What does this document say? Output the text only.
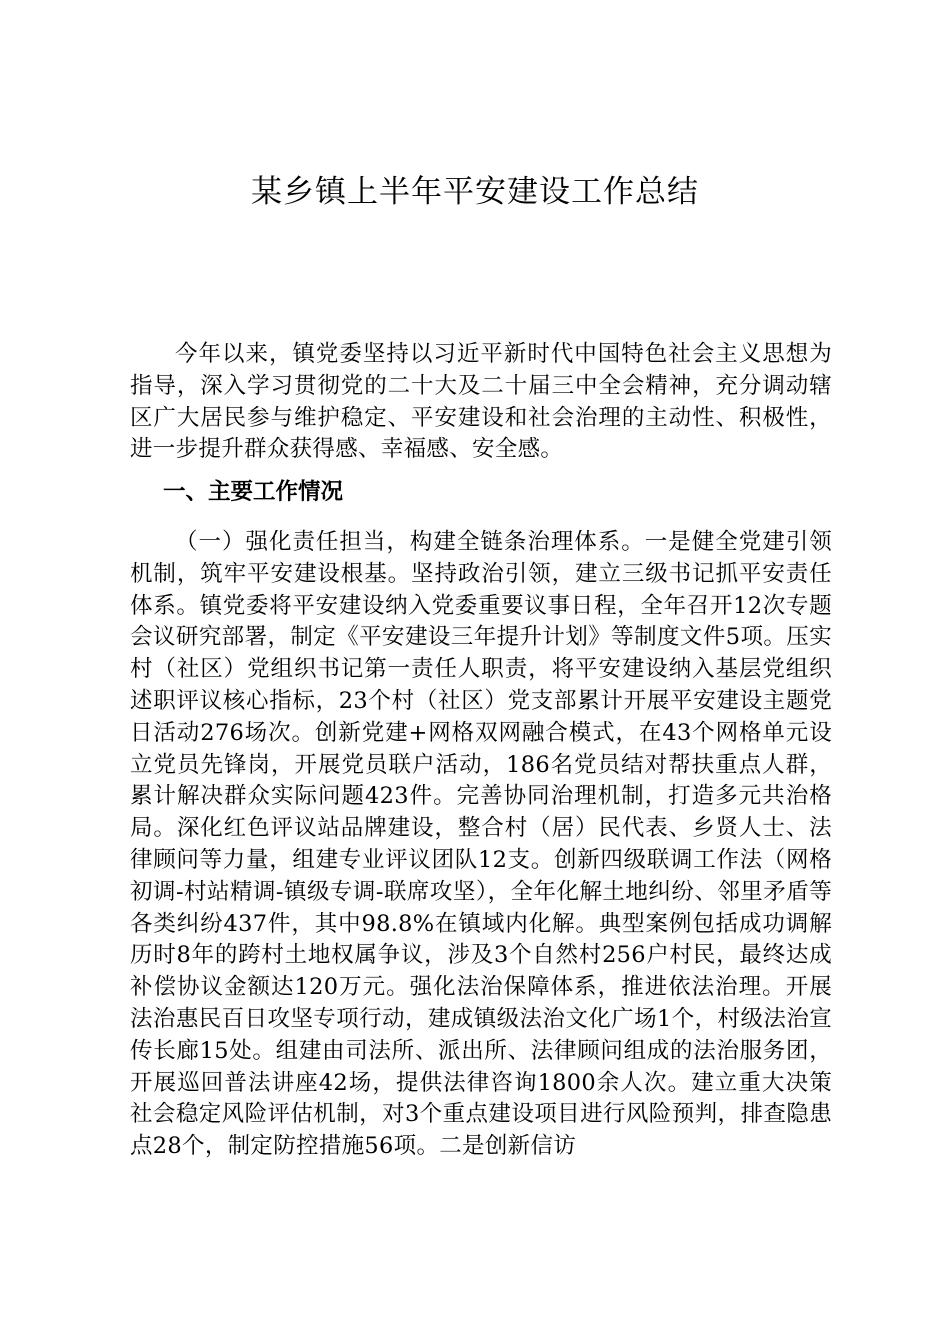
某乡镇上半年平安建设工作总结

今年以来，镇党委坚持以习近平新时代中国特色社会主义思想为指导，深入学习贯彻党的二十大及二十届三中全会精神，充分调动辖区广大居民参与维护稳定、平安建设和社会治理的主动性、积极性，进一步提升群众获得感、幸福感、安全感。

一、主要工作情况

（一）强化责任担当，构建全链条治理体系。一是健全党建引领机制，筑牢平安建设根基。坚持政治引领，建立三级书记抓平安责任体系。镇党委将平安建设纳入党委重要议事日程，全年召开12次专题会议研究部署，制定《平安建设三年提升计划》等制度文件5项。压实村（社区）党组织书记第一责任人职责，将平安建设纳入基层党组织述职评议核心指标，23个村（社区）党支部累计开展平安建设主题党日活动276场次。创新党建+网格双网融合模式，在43个网格单元设立党员先锋岗，开展党员联户活动，186名党员结对帮扶重点人群，累计解决群众实际问题423件。完善协同治理机制，打造多元共治格局。深化红色评议站品牌建设，整合村（居）民代表、乡贤人士、法律顾问等力量，组建专业评议团队12支。创新四级联调工作法（网格初调-村站精调-镇级专调-联席攻坚），全年化解土地纠纷、邻里矛盾等各类纠纷437件，其中98.8%在镇域内化解。典型案例包括成功调解历时8年的跨村土地权属争议，涉及3个自然村256户村民，最终达成补偿协议金额达120万元。强化法治保障体系，推进依法治理。开展法治惠民百日攻坚专项行动，建成镇级法治文化广场1个，村级法治宣传长廊15处。组建由司法所、派出所、法律顾问组成的法治服务团，开展巡回普法讲座42场，提供法律咨询1800余人次。建立重大决策社会稳定风险评估机制，对3个重点建设项目进行风险预判，排查隐患点28个，制定防控措施56项。二是创新信访
